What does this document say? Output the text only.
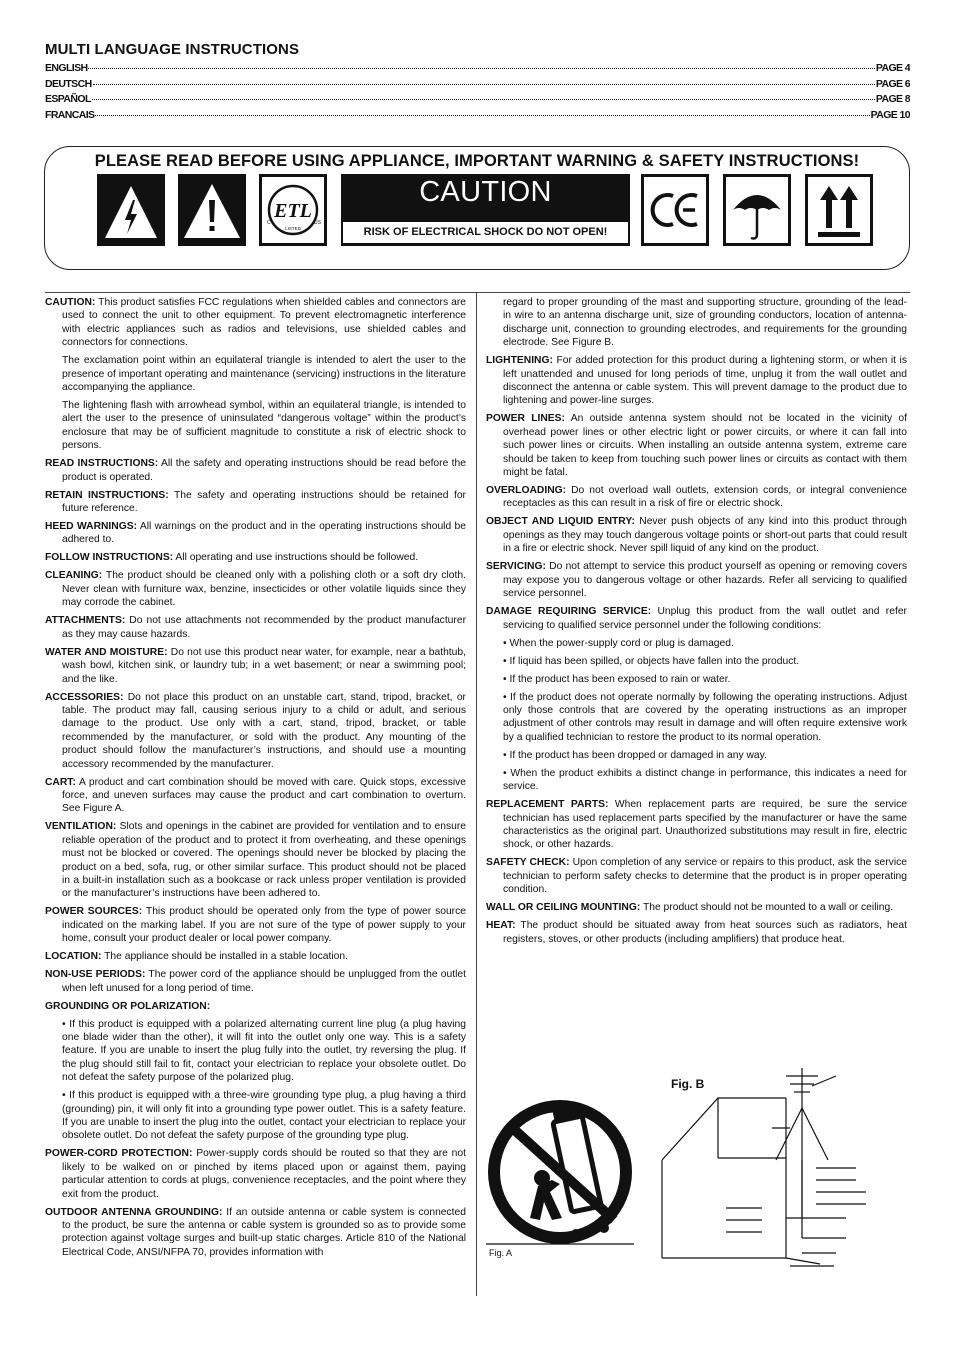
MULTI LANGUAGE INSTRUCTIONS
ENGLISH	PAGE 4
DEUTSCH	PAGE 6
ESPAÑOL	PAGE 8
FRANCAIS	PAGE 10
PLEASE READ BEFORE USING APPLIANCE, IMPORTANT WARNING & SAFETY INSTRUCTIONS!
ETL
LISTED
C	US
CAUTION
RISK OF ELECTRICAL SHOCK DO NOT OPEN!
CAUTION: This product satisfies FCC regulations when shielded cables and connectors are used to connect the unit to other equipment. To prevent electromagnetic interference with electric appliances such as radios and televisions, use shielded cables and connectors for connections.
The exclamation point within an equilateral triangle is intended to alert the user to the presence of important operating and maintenance (servicing) instructions in the literature accompanying the appliance.
The lightening flash with arrowhead symbol, within an equilateral triangle, is intended to alert the user to the presence of uninsulated “dangerous voltage” within the product’s enclosure that may be of sufficient magnitude to constitute a risk of electric shock to persons.
READ INSTRUCTIONS: All the safety and operating instructions should be read before the product is operated.
RETAIN INSTRUCTIONS: The safety and operating instructions should be retained for future reference.
HEED WARNINGS: All warnings on the product and in the operating instructions should be adhered to.
FOLLOW INSTRUCTIONS: All operating and use instructions should be followed.
CLEANING: The product should be cleaned only with a polishing cloth or a soft dry cloth. Never clean with furniture wax, benzine, insecticides or other volatile liquids since they may corrode the cabinet.
ATTACHMENTS: Do not use attachments not recommended by the product manufacturer as they may cause hazards.
WATER AND MOISTURE: Do not use this product near water, for example, near a bathtub, wash bowl, kitchen sink, or laundry tub; in a wet basement; or near a swimming pool; and the like.
ACCESSORIES: Do not place this product on an unstable cart, stand, tripod, bracket, or table. The product may fall, causing serious injury to a child or adult, and serious damage to the product. Use only with a cart, stand, tripod, bracket, or table recommended by the manufacturer, or sold with the product. Any mounting of the product should follow the manufacturer’s instructions, and should use a mounting accessory recommended by the manufacturer.
CART: A product and cart combination should be moved with care. Quick stops, excessive force, and uneven surfaces may cause the product and cart combination to overturn. See Figure A.
VENTILATION: Slots and openings in the cabinet are provided for ventilation and to ensure reliable operation of the product and to protect it from overheating, and these openings must not be blocked or covered. The openings should never be blocked by placing the product on a bed, sofa, rug, or other similar surface. This product should not be placed in a built-in installation such as a bookcase or rack unless proper ventilation is provided or the manufacturer’s instructions have been adhered to.
POWER SOURCES: This product should be operated only from the type of power source indicated on the marking label. If you are not sure of the type of power supply to your home, consult your product dealer or local power company.
LOCATION: The appliance should be installed in a stable location.
NON-USE PERIODS: The power cord of the appliance should be unplugged from the outlet when left unused for a long period of time.
GROUNDING OR POLARIZATION:
• If this product is equipped with a polarized alternating current line plug (a plug having one blade wider than the other), it will fit into the outlet only one way. This is a safety feature. If you are unable to insert the plug fully into the outlet, try reversing the plug. If the plug should still fail to fit, contact your electrician to replace your obsolete outlet. Do not defeat the safety purpose of the polarized plug.
• If this product is equipped with a three-wire grounding type plug, a plug having a third (grounding) pin, it will only fit into a grounding type power outlet. This is a safety feature. If you are unable to insert the plug into the outlet, contact your electrician to replace your obsolete outlet. Do not defeat the safety purpose of the grounding type plug.
POWER-CORD PROTECTION: Power-supply cords should be routed so that they are not likely to be walked on or pinched by items placed upon or against them, paying particular attention to cords at plugs, convenience receptacles, and the point where they exit from the product.
OUTDOOR ANTENNA GROUNDING: If an outside antenna or cable system is connected to the product, be sure the antenna or cable system is grounded so as to provide some protection against voltage surges and built-up static charges. Article 810 of the National Electrical Code, ANSI/NFPA 70, provides information with
regard to proper grounding of the mast and supporting structure, grounding of the lead-in wire to an antenna discharge unit, size of grounding conductors, location of antenna-discharge unit, connection to grounding electrodes, and requirements for the grounding electrode. See Figure B.
LIGHTENING: For added protection for this product during a lightening storm, or when it is left unattended and unused for long periods of time, unplug it from the wall outlet and disconnect the antenna or cable system. This will prevent damage to the product due to lightening and power-line surges.
POWER LINES: An outside antenna system should not be located in the vicinity of overhead power lines or other electric light or power circuits, or where it can fall into such power lines or circuits. When installing an outside antenna system, extreme care should be taken to keep from touching such power lines or circuits as contact with them might be fatal.
OVERLOADING: Do not overload wall outlets, extension cords, or integral convenience receptacles as this can result in a risk of fire or electric shock.
OBJECT AND LIQUID ENTRY: Never push objects of any kind into this product through openings as they may touch dangerous voltage points or short-out parts that could result in a fire or electric shock. Never spill liquid of any kind on the product.
SERVICING: Do not attempt to service this product yourself as opening or removing covers may expose you to dangerous voltage or other hazards. Refer all servicing to qualified service personnel.
DAMAGE REQUIRING SERVICE: Unplug this product from the wall outlet and refer servicing to qualified service personnel under the following conditions:
• When the power-supply cord or plug is damaged.
• If liquid has been spilled, or objects have fallen into the product.
• If the product has been exposed to rain or water.
• If the product does not operate normally by following the operating instructions. Adjust only those controls that are covered by the operating instructions as an improper adjustment of other controls may result in damage and will often require extensive work by a qualified technician to restore the product to its normal operation.
• If the product has been dropped or damaged in any way.
• When the product exhibits a distinct change in performance, this indicates a need for service.
REPLACEMENT PARTS: When replacement parts are required, be sure the service technician has used replacement parts specified by the manufacturer or have the same characteristics as the original part. Unauthorized substitutions may result in fire, electric shock, or other hazards.
SAFETY CHECK: Upon completion of any service or repairs to this product, ask the service technician to perform safety checks to determine that the product is in proper operating condition.
WALL OR CEILING MOUNTING: The product should not be mounted to a wall or ceiling.
HEAT: The product should be situated away from heat sources such as radiators, heat registers, stoves, or other products (including amplifiers) that produce heat.
Fig. A
Fig. B
